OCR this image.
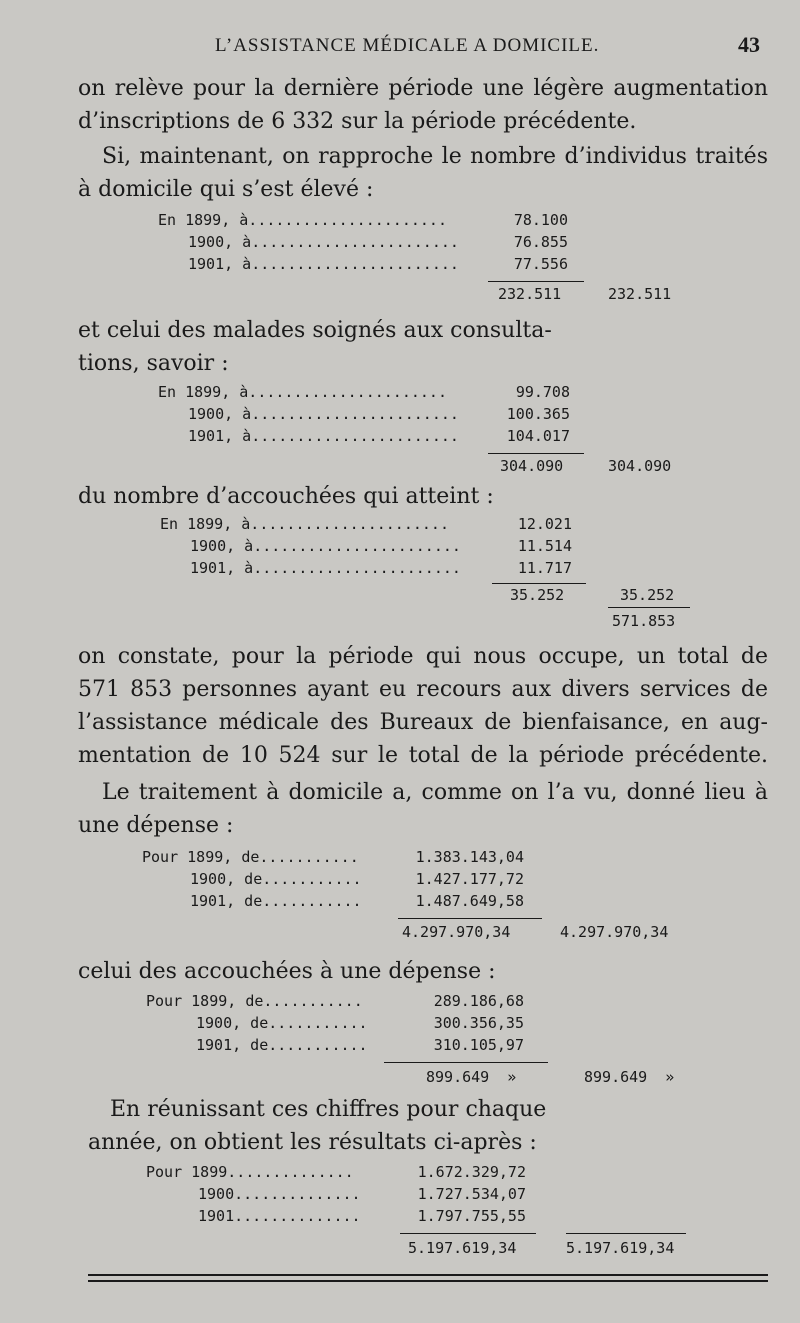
L’ASSISTANCE MÉDICALE A DOMICILE.	43
on relève pour la dernière période une légère augmentation
d’inscriptions de 6 332 sur la période précédente.
Si, maintenant, on rapproche le nombre d’individus traités
à domicile qui s’est élevé :
En 1899, à......................	78.100
1900, à.......................	76.855
1901, à.......................	77.556
232.511	232.511
et celui des malades soignés aux consulta-
tions, savoir :
En 1899, à......................	99.708
1900, à.......................	100.365
1901, à.......................	104.017
304.090	304.090
du nombre d’accouchées qui atteint :
En 1899, à......................	12.021
1900, à.......................	11.514
1901, à.......................	11.717
35.252	35.252
571.853
on constate, pour la période qui nous occupe, un total de
571 853 personnes ayant eu recours aux divers services de
l’assistance médicale des Bureaux de bienfaisance, en aug-
mentation de 10 524 sur le total de la période précédente.
Le traitement à domicile a, comme on l’a vu, donné lieu à
une dépense :
Pour 1899, de...........	1.383.143,04
1900, de...........	1.427.177,72
1901, de...........	1.487.649,58
4.297.970,34	4.297.970,34
celui des accouchées à une dépense :
Pour 1899, de...........	289.186,68
1900, de...........	300.356,35
1901, de...........	310.105,97
899.649  »	899.649  »
En réunissant ces chiffres pour chaque
année, on obtient les résultats ci-après :
Pour 1899..............	1.672.329,72
1900..............	1.727.534,07
1901..............	1.797.755,55
5.197.619,34	5.197.619,34
